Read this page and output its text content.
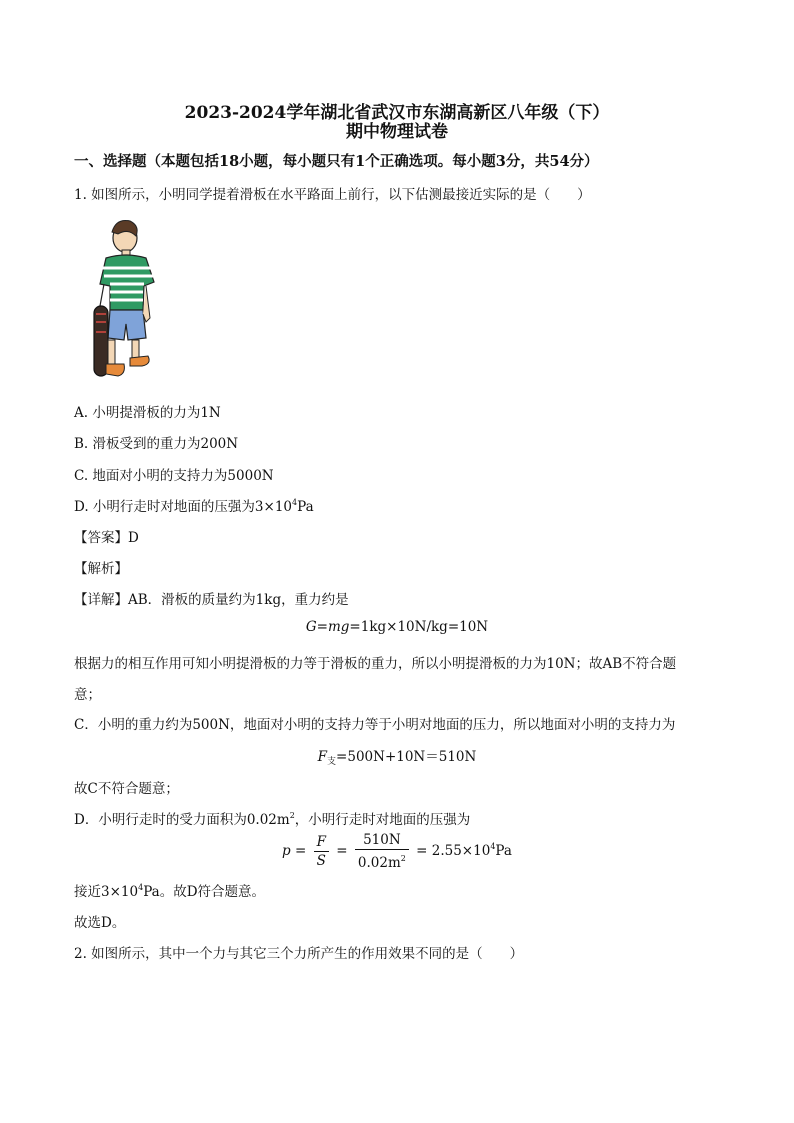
2023-2024学年湖北省武汉市东湖高新区八年级（下）
期中物理试卷
一、选择题（本题包括18小题，每小题只有1个正确选项。每小题3分，共54分）
1. 如图所示，小明同学提着滑板在水平路面上前行，以下估测最接近实际的是（　　）
A. 小明提滑板的力为1N
B. 滑板受到的重力为200N
C. 地面对小明的支持力为5000N
D. 小明行走时对地面的压强为$3\times 10^4Pa$
【答案】D
【解析】
【详解】AB．滑板的质量约为1kg，重力约是
G=mg=1kg×10N/kg=10N
根据力的相互作用可知小明提滑板的力等于滑板的重力，所以小明提滑板的力为10N；故AB不符合题
意；
C．小明的重力约为500N，地面对小明的支持力等于小明对地面的压力，所以地面对小明的支持力为
$F_支=500N+10N=510N$
故C不符合题意；
D．小明行走时的受力面积为$0.02m^2$，小明行走时对地面的压强为
$p = \frac{F}{S} = \frac{510N}{0.02m^2} = 2.55\times 10^4Pa$
接近$3\times 10^4Pa$。故D符合题意。
故选D。
2. 如图所示，其中一个力与其它三个力所产生的作用效果不同的是（　　）
